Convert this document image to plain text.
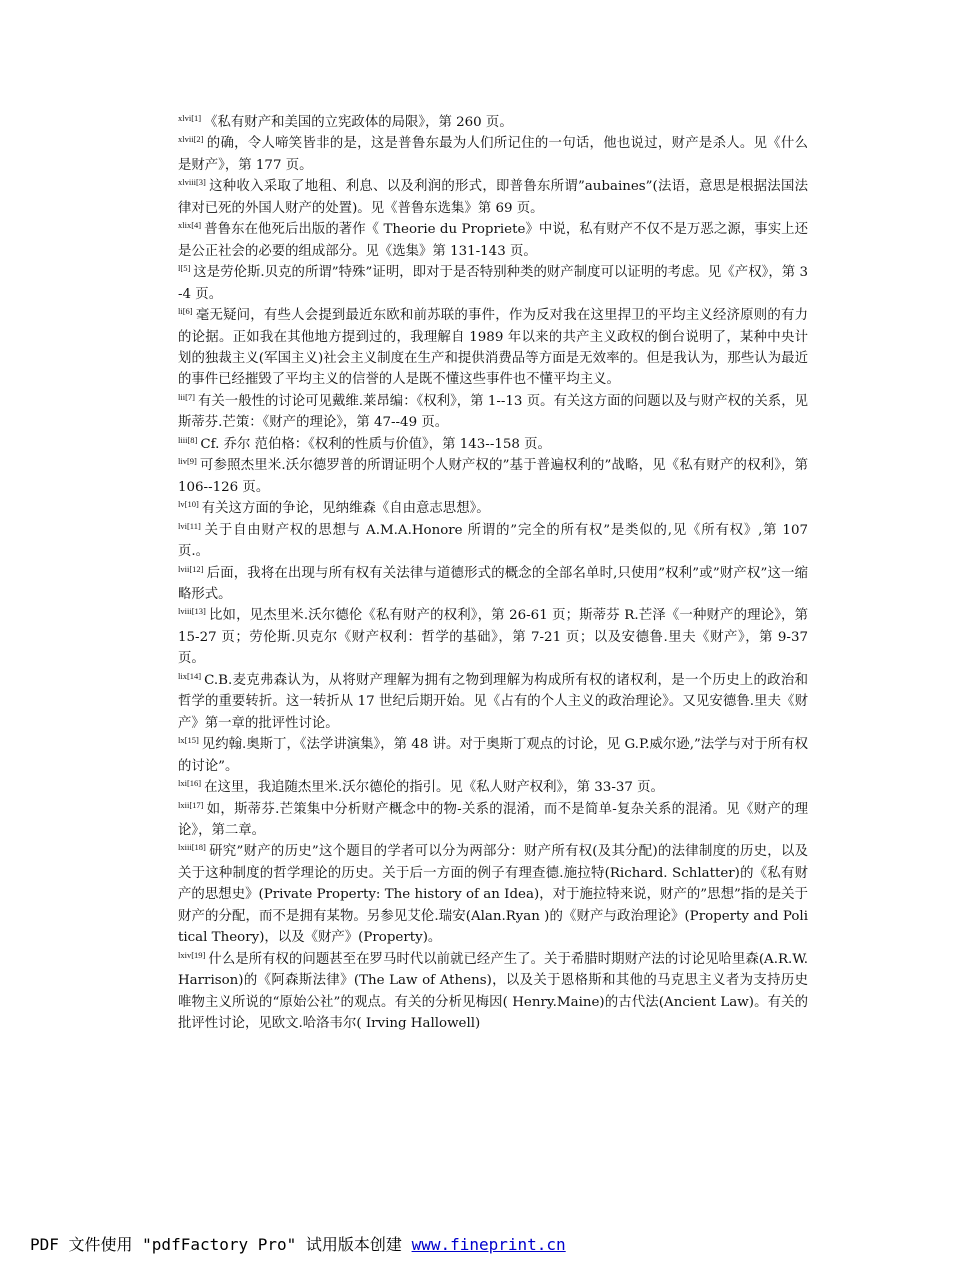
$^{xlvi[1]}$ 《私有财产和美国的立宪政体的局限》，第 260 页。

$^{xlvii[2]}$ 的确，令人啼笑皆非的是，这是普鲁东最为人们所记住的一句话，他也说过，财产是杀人。见《什么是财产》，第 177 页。

$^{xlviii[3]}$ 这种收入采取了地租、利息、以及利润的形式，即普鲁东所谓”aubaines”(法语，意思是根据法国法律对已死的外国人财产的处置)。见《普鲁东选集》第 69 页。

$^{xlix[4]}$ 普鲁东在他死后出版的著作《 Theorie du Propriete》中说，私有财产不仅不是万恶之源，事实上还是公正社会的必要的组成部分。见《选集》第 131-143 页。

$^{l[5]}$ 这是劳伦斯.贝克的所谓”特殊”证明，即对于是否特别种类的财产制度可以证明的考虑。见《产权》，第 3-4 页。

$^{li[6]}$ 毫无疑问，有些人会提到最近东欧和前苏联的事件，作为反对我在这里捍卫的平均主义经济原则的有力的论据。正如我在其他地方提到过的，我理解自 1989 年以来的共产主义政权的倒台说明了，某种中央计划的独裁主义(军国主义)社会主义制度在生产和提供消费品等方面是无效率的。但是我认为，那些认为最近的事件已经摧毁了平均主义的信誉的人是既不懂这些事件也不懂平均主义。

$^{lii[7]}$ 有关一般性的讨论可见戴维.莱昂编：《权利》，第 1--13 页。有关这方面的问题以及与财产权的关系，见斯蒂芬.芒策：《财产的理论》，第 47--49 页。

$^{liii[8]}$ Cf. 乔尔 范伯格：《权利的性质与价值》，第 143--158 页。

$^{liv[9]}$ 可参照杰里米.沃尔德罗普的所谓证明个人财产权的”基于普遍权利的”战略，见《私有财产的权利》，第 106--126 页。

$^{lv[10]}$ 有关这方面的争论，见纳维森《自由意志思想》。

$^{lvi[11]}$ 关于自由财产权的思想与 A.M.A.Honore 所谓的”完全的所有权”是类似的,见《所有权》,第 107 页.。

$^{lvii[12]}$ 后面，我将在出现与所有权有关法律与道德形式的概念的全部名单时,只使用”权利”或”财产权”这一缩略形式。

$^{lviii[13]}$ 比如，见杰里米.沃尔德伦《私有财产的权利》，第 26-61 页；斯蒂芬 R.芒泽《一种财产的理论》，第 15-27 页；劳伦斯.贝克尔《财产权利：哲学的基础》，第 7-21 页；以及安德鲁.里夫《财产》，第 9-37 页。

$^{lix[14]}$ C.B.麦克弗森认为，从将财产理解为拥有之物到理解为构成所有权的诸权利，是一个历史上的政治和哲学的重要转折。这一转折从 17 世纪后期开始。见《占有的个人主义的政治理论》。又见安德鲁.里夫《财产》第一章的批评性讨论。

$^{lx[15]}$ 见约翰.奥斯丁，《法学讲演集》，第 48 讲。对于奥斯丁观点的讨论，见 G.P.威尔逊,”法学与对于所有权的讨论”。

$^{lxi[16]}$ 在这里，我追随杰里米.沃尔德伦的指引。见《私人财产权利》，第 33-37 页。

$^{lxii[17]}$ 如，斯蒂芬.芒策集中分析财产概念中的物-关系的混淆，而不是简单-复杂关系的混淆。见《财产的理论》，第二章。

$^{lxiii[18]}$ 研究”财产的历史”这个题目的学者可以分为两部分：财产所有权(及其分配)的法律制度的历史，以及关于这种制度的哲学理论的历史。关于后一方面的例子有理查德.施拉特(Richard. Schlatter)的《私有财产的思想史》(Private Property: The history of an Idea)，对于施拉特来说，财产的”思想”指的是关于财产的分配，而不是拥有某物。另参见艾伦.瑞安(Alan.Ryan )的《财产与政治理论》(Property and Political Theory)，以及《财产》(Property)。

$^{lxiv[19]}$ 什么是所有权的问题甚至在罗马时代以前就已经产生了。关于希腊时期财产法的讨论见哈里森(A.R.W.Harrison)的《阿森斯法律》(The Law of Athens)，以及关于恩格斯和其他的马克思主义者为支持历史唯物主义所说的“原始公社”的观点。有关的分析见梅因( Henry.Maine)的古代法(Ancient Law)。有关的批评性讨论，见欧文.哈洛韦尔( Irving Hallowell)

PDF 文件使用 "pdfFactory Pro" 试用版本创建 www.fineprint.cn
